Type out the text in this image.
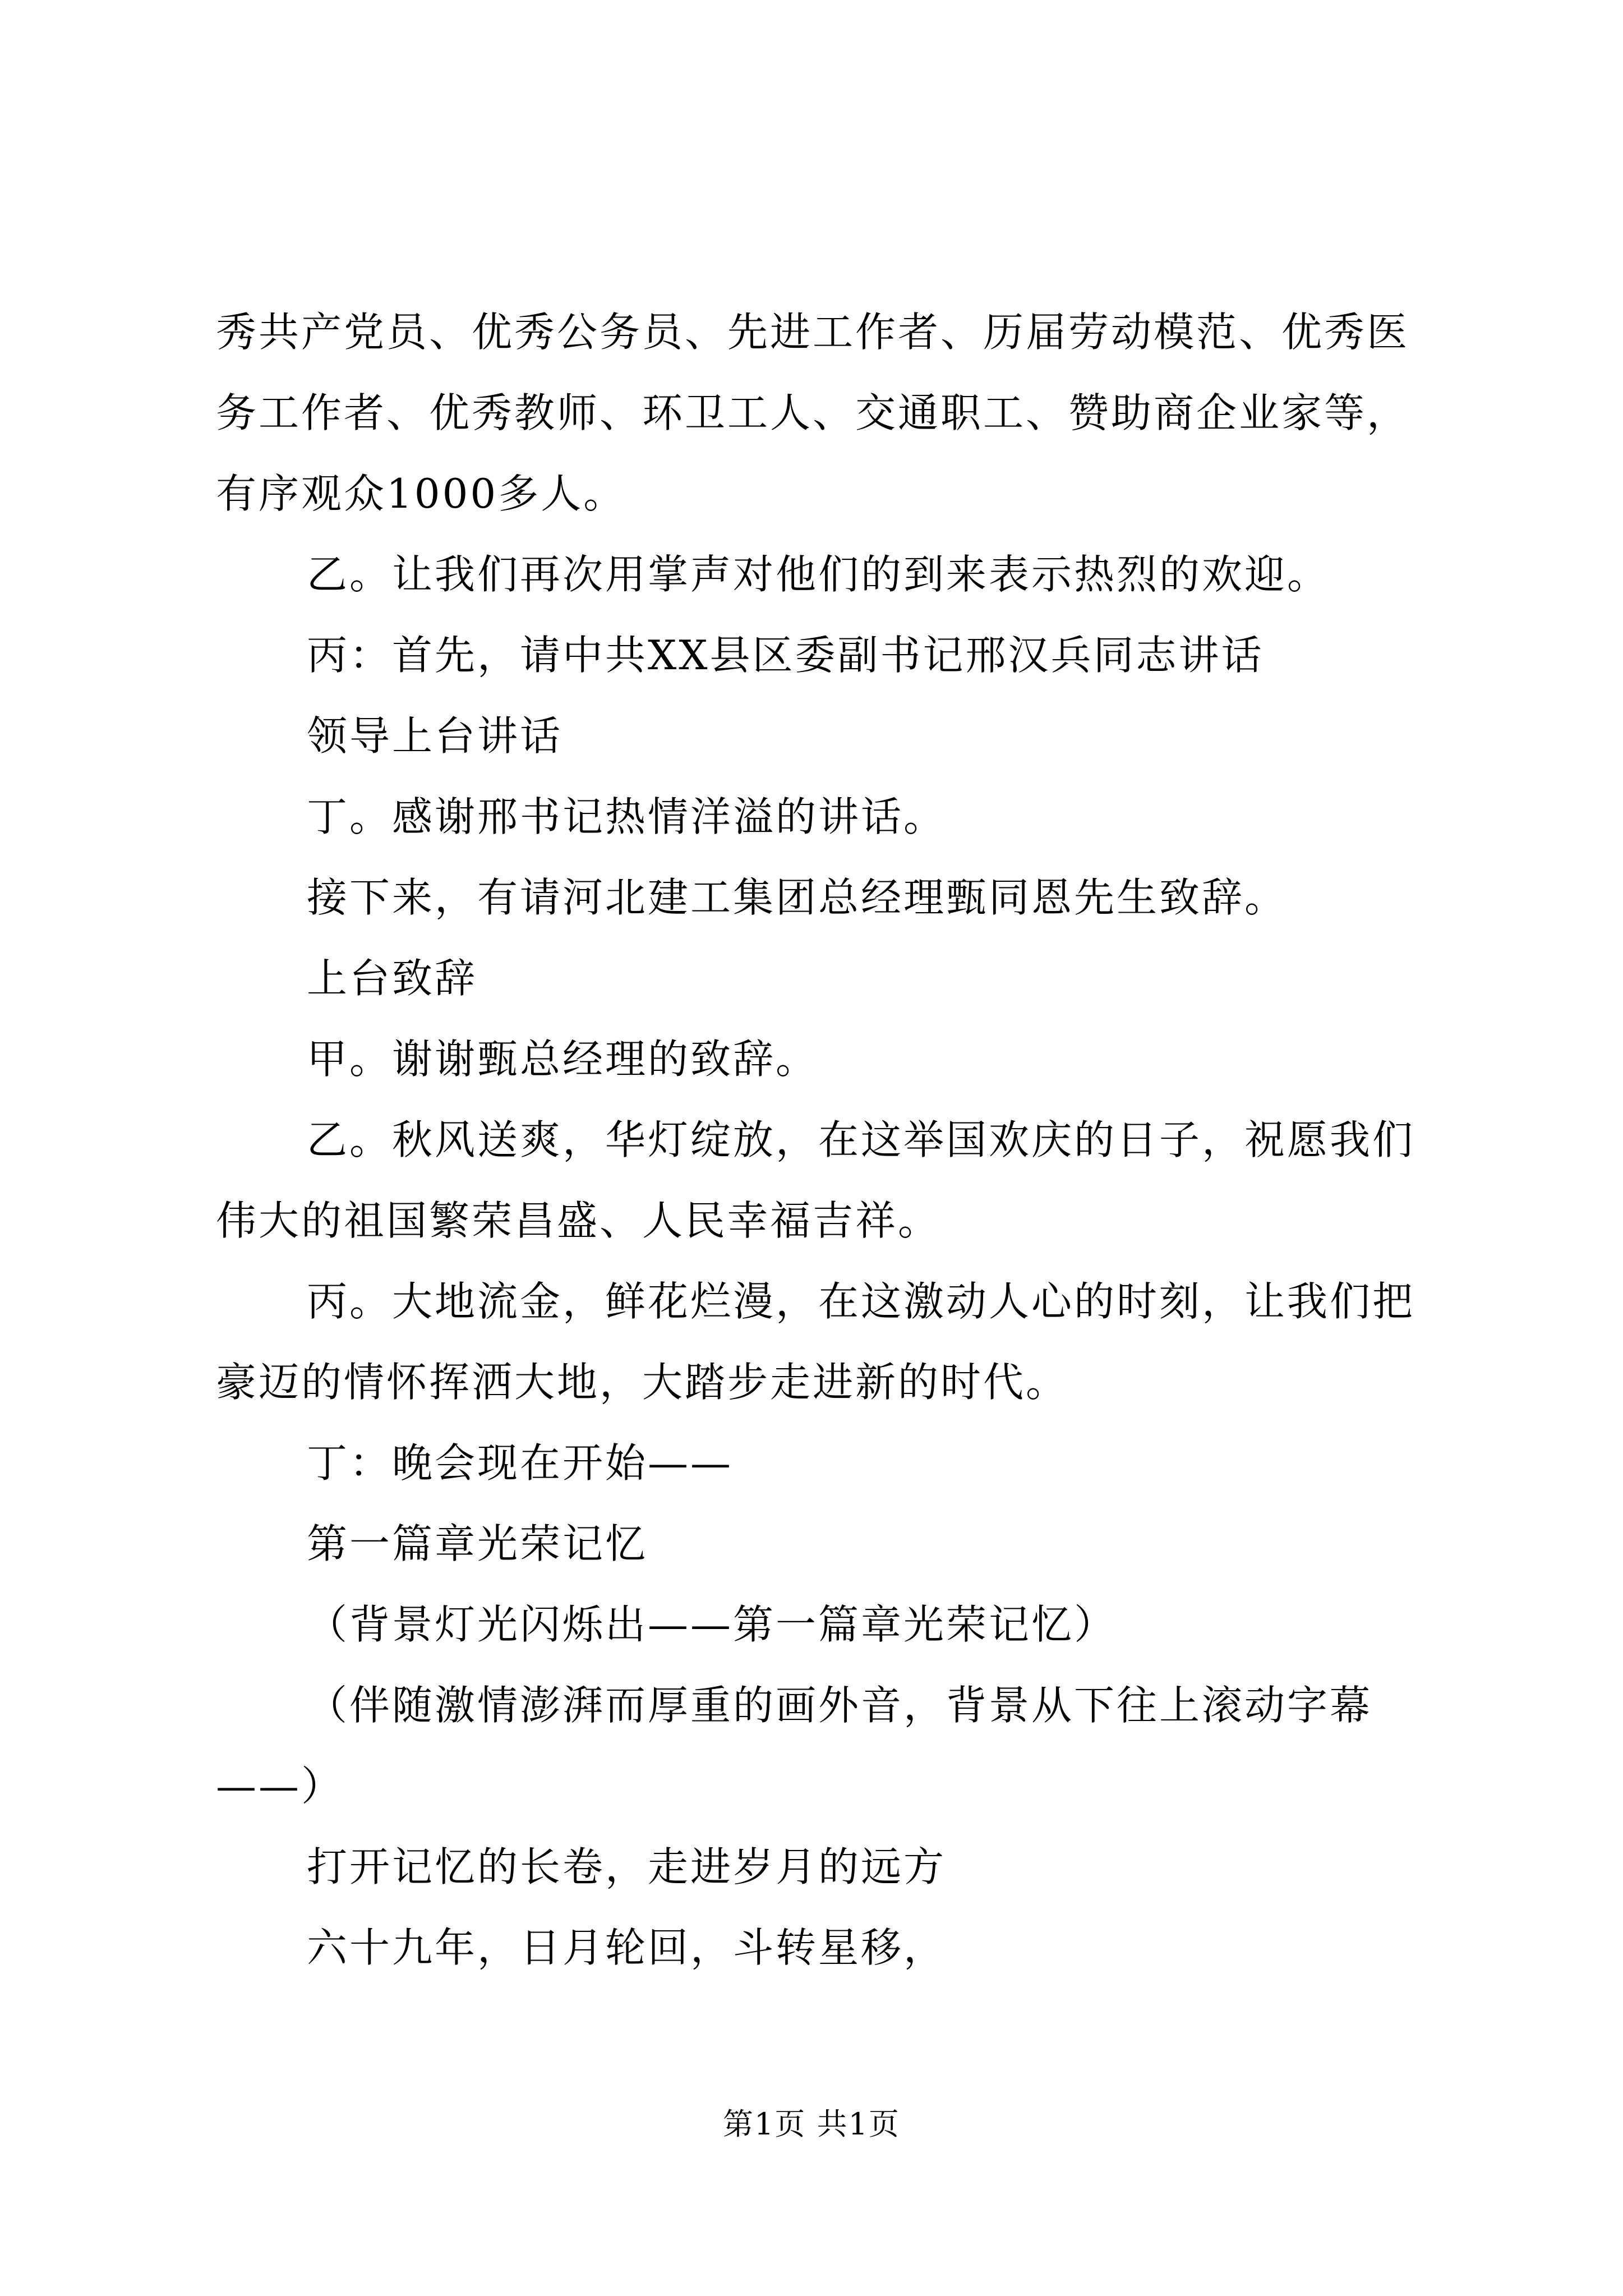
秀共产党员、优秀公务员、先进工作者、历届劳动模范、优秀医务工作者、优秀教师、环卫工人、交通职工、赞助商企业家等，有序观众1000多人。

乙。让我们再次用掌声对他们的到来表示热烈的欢迎。

丙：首先，请中共XX县区委副书记邢汉兵同志讲话

领导上台讲话

丁。感谢邢书记热情洋溢的讲话。

接下来，有请河北建工集团总经理甄同恩先生致辞。

上台致辞

甲。谢谢甄总经理的致辞。

乙。秋风送爽，华灯绽放，在这举国欢庆的日子，祝愿我们伟大的祖国繁荣昌盛、人民幸福吉祥。

丙。大地流金，鲜花烂漫，在这激动人心的时刻，让我们把豪迈的情怀挥洒大地，大踏步走进新的时代。

丁：晚会现在开始——

第一篇章光荣记忆

（背景灯光闪烁出——第一篇章光荣记忆）

（伴随激情澎湃而厚重的画外音，背景从下往上滚动字幕——）

打开记忆的长卷，走进岁月的远方

六十九年，日月轮回，斗转星移，

第1页 共1页
